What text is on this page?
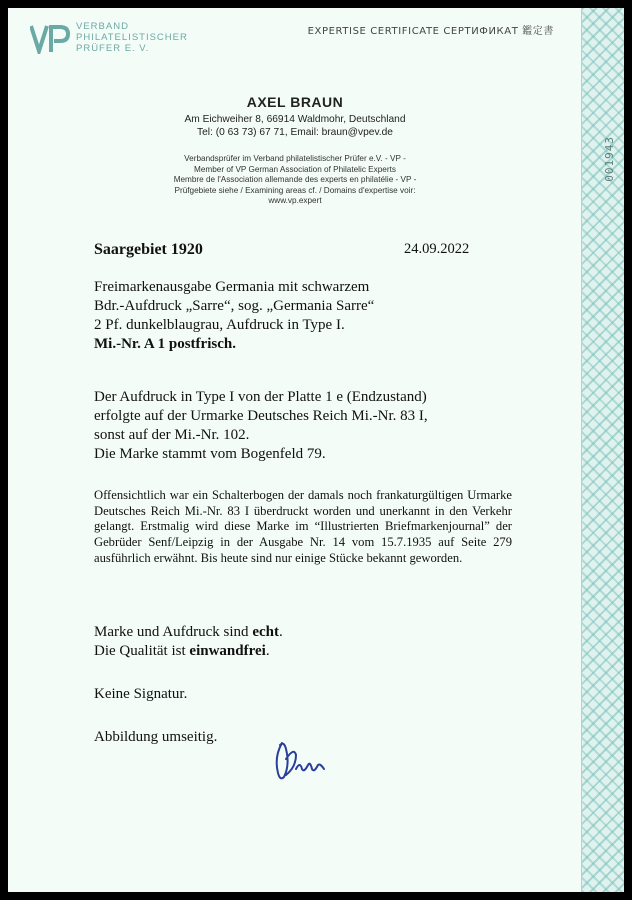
VERBAND
PHILATELISTISCHER
PRÜFER E. V.
EXPERTISE CERTIFICATE СЕРТИФИКАТ 鑑定書
AXEL BRAUN
Am Eichweiher 8, 66914 Waldmohr, Deutschland
Tel: (0 63 73) 67 71, Email: braun@vpev.de
Verbandsprüfer im Verband philatelistischer Prüfer e.V. - VP -
Member of VP German Association of Philatelic Experts
Membre de l'Association allemande des experts en philatélie - VP -
Prüfgebiete siehe / Examining areas cf. / Domains d'expertise voir:
www.vp.expert
Saargebiet 1920	24.09.2022
Freimarkenausgabe Germania mit schwarzem
Bdr.-Aufdruck „Sarre“, sog. „Germania Sarre“
2 Pf. dunkelblaugrau, Aufdruck in Type I.
Mi.-Nr. A 1 postfrisch.
Der Aufdruck in Type I von der Platte 1 e (Endzustand)
erfolgte auf der Urmarke Deutsches Reich Mi.-Nr. 83 I,
sonst auf der Mi.-Nr. 102.
Die Marke stammt vom Bogenfeld 79.
Offensichtlich war ein Schalterbogen der damals noch frankaturgültigen Urmarke Deutsches Reich Mi.-Nr. 83 I überdruckt worden und unerkannt in den Verkehr gelangt. Erstmalig wird diese Marke im “Illustrierten Briefmarkenjournal” der Gebrüder Senf/Leipzig in der Ausgabe Nr. 14 vom 15.7.1935 auf Seite 279 ausführlich erwähnt. Bis heute sind nur einige Stücke bekannt geworden.
Marke und Aufdruck sind echt.
Die Qualität ist einwandfrei.
Keine Signatur.
Abbildung umseitig.
001943
